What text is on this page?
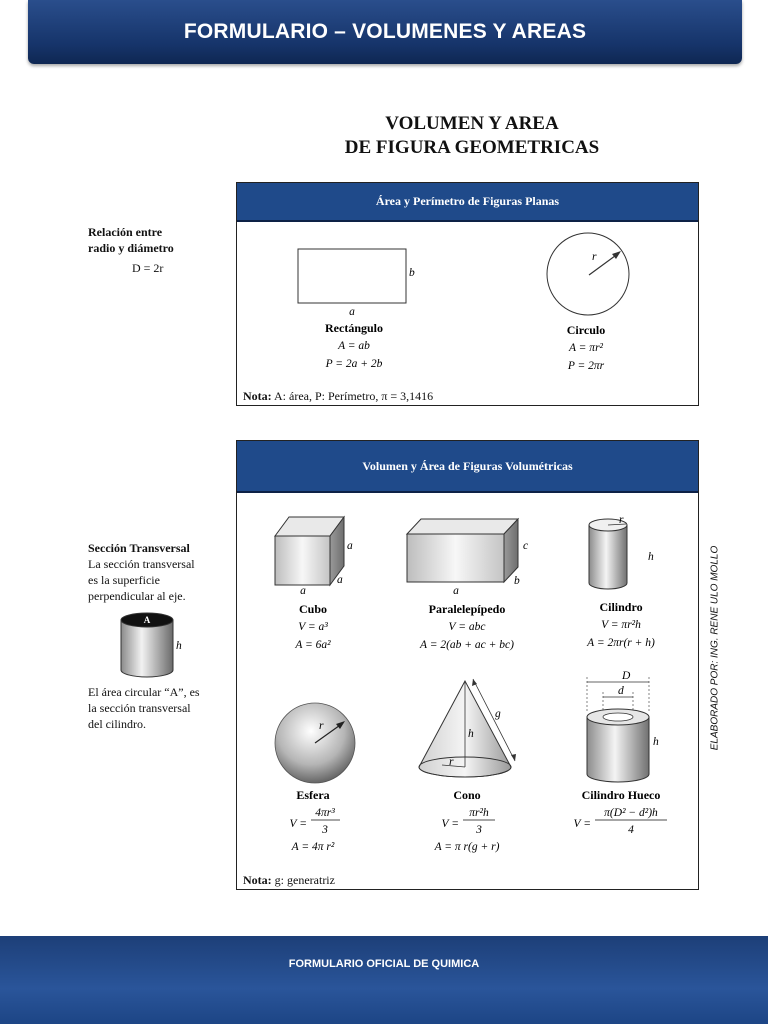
FORMULARIO – VOLUMENES Y AREAS
VOLUMEN Y AREA
DE FIGURA GEOMETRICAS
Relación entre
radio y diámetro
D = 2r
Sección Transversal
La sección transversal
es la superficie
perpendicular al eje.
A
h
El área circular “A”, es
la sección transversal
del cilindro.
Área y Perímetro de Figuras Planas
a
b
Rectángulo
A = ab
P = 2a + 2b
r
Circulo
A = πr²
P = 2πr
Nota: A: área, P: Perímetro, π = 3,1416
Volumen y Área de Figuras Volumétricas
a
a
a
Cubo
V = a³
A = 6a²
c
b
a
Paralelepípedo
V = abc
A = 2(ab + ac + bc)
r
h
Cilindro
V = πr²h
A = 2πr(r + h)
r
Esfera
V =
4πr³
3
A = 4π r²
g
h
r
Cono
V =
πr²h
3
A = π r(g + r)
D
d
h
Cilindro Hueco
V =
π(D² − d²)h
4
Nota: g: generatriz
ELABORADO POR: ING. RENE ULO MOLLO
FORMULARIO OFICIAL DE QUIMICA
